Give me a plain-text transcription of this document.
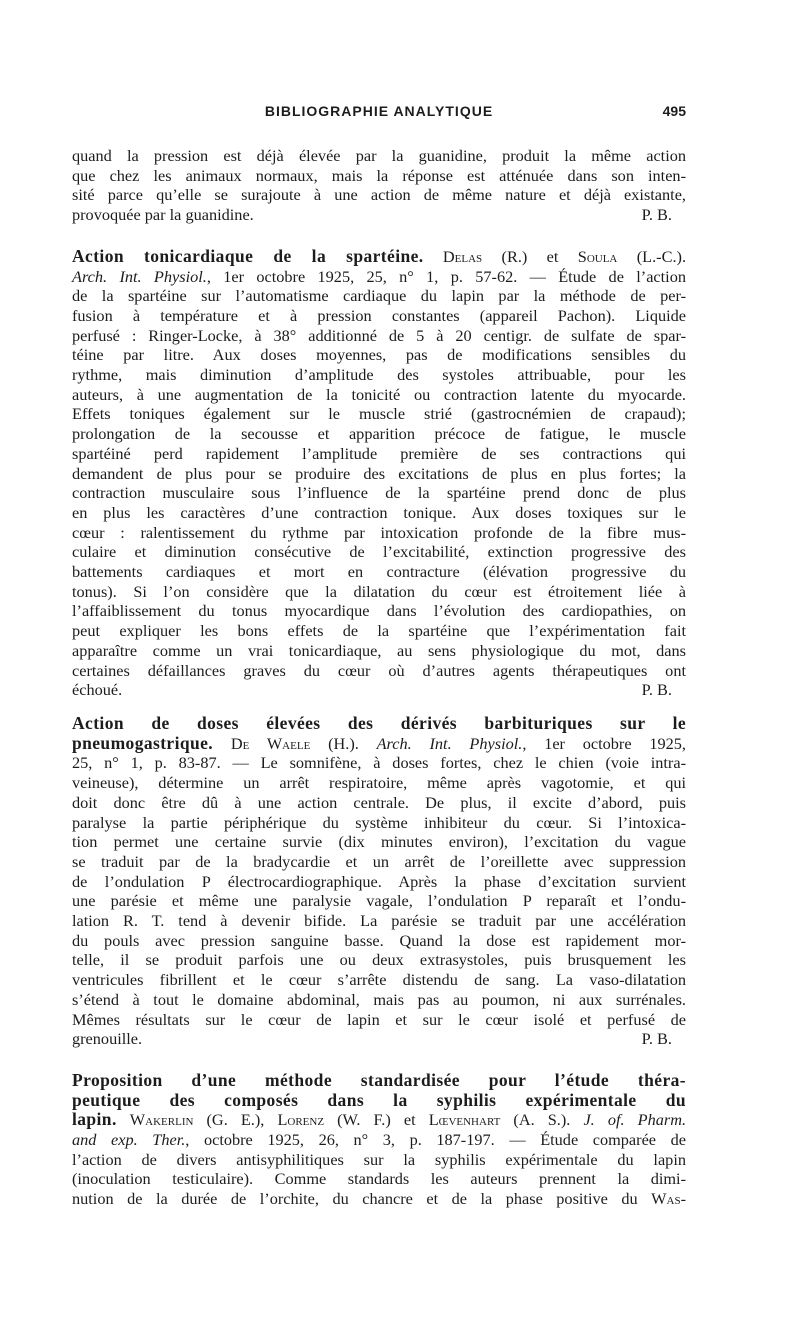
BIBLIOGRAPHIE ANALYTIQUE	495

quand la pression est déjà élevée par la guanidine, produit la même action

que chez les animaux normaux, mais la réponse est atténuée dans son inten-

sité parce qu’elle se surajoute à une action de même nature et déjà existante,

provoquée par la guanidine.	P. B.

Action tonicardiaque de la spartéine. Delas (R.) et Soula (L.-C.).

Arch. Int. Physiol., 1er octobre 1925, 25, n° 1, p. 57-62. — Étude de l’action

de la spartéine sur l’automatisme cardiaque du lapin par la méthode de per-

fusion à température et à pression constantes (appareil Pachon). Liquide

perfusé : Ringer-Locke, à 38° additionné de 5 à 20 centigr. de sulfate de spar-

téine par litre. Aux doses moyennes, pas de modifications sensibles du

rythme, mais diminution d’amplitude des systoles attribuable, pour les

auteurs, à une augmentation de la tonicité ou contraction latente du myocarde.

Effets toniques également sur le muscle strié (gastrocnémien de crapaud);

prolongation de la secousse et apparition précoce de fatigue, le muscle

spartéiné perd rapidement l’amplitude première de ses contractions qui

demandent de plus pour se produire des excitations de plus en plus fortes; la

contraction musculaire sous l’influence de la spartéine prend donc de plus

en plus les caractères d’une contraction tonique. Aux doses toxiques sur le

cœur : ralentissement du rythme par intoxication profonde de la fibre mus-

culaire et diminution consécutive de l’excitabilité, extinction progressive des

battements cardiaques et mort en contracture (élévation progressive du

tonus). Si l’on considère que la dilatation du cœur est étroitement liée à

l’affaiblissement du tonus myocardique dans l’évolution des cardiopathies, on

peut expliquer les bons effets de la spartéine que l’expérimentation fait

apparaître comme un vrai tonicardiaque, au sens physiologique du mot, dans

certaines défaillances graves du cœur où d’autres agents thérapeutiques ont

échoué.	P. B.

Action de doses élevées des dérivés barbituriques sur le

pneumogastrique. De Waele (H.). Arch. Int. Physiol., 1er octobre 1925,

25, n° 1, p. 83-87. — Le somnifène, à doses fortes, chez le chien (voie intra-

veineuse), détermine un arrêt respiratoire, même après vagotomie, et qui

doit donc être dû à une action centrale. De plus, il excite d’abord, puis

paralyse la partie périphérique du système inhibiteur du cœur. Si l’intoxica-

tion permet une certaine survie (dix minutes environ), l’excitation du vague

se traduit par de la bradycardie et un arrêt de l’oreillette avec suppression

de l’ondulation P électrocardiographique. Après la phase d’excitation survient

une parésie et même une paralysie vagale, l’ondulation P reparaît et l’ondu-

lation R. T. tend à devenir bifide. La parésie se traduit par une accélération

du pouls avec pression sanguine basse. Quand la dose est rapidement mor-

telle, il se produit parfois une ou deux extrasystoles, puis brusquement les

ventricules fibrillent et le cœur s’arrête distendu de sang. La vaso-dilatation

s’étend à tout le domaine abdominal, mais pas au poumon, ni aux surrénales.

Mêmes résultats sur le cœur de lapin et sur le cœur isolé et perfusé de

grenouille.	P. B.

Proposition d’une méthode standardisée pour l’étude théra-

peutique des composés dans la syphilis expérimentale du

lapin. Wakerlin (G. E.), Lorenz (W. F.) et Lœvenhart (A. S.). J. of. Pharm.

and exp. Ther., octobre 1925, 26, n° 3, p. 187-197. — Étude comparée de

l’action de divers antisyphilitiques sur la syphilis expérimentale du lapin

(inoculation testiculaire). Comme standards les auteurs prennent la dimi-

nution de la durée de l’orchite, du chancre et de la phase positive du Was-
